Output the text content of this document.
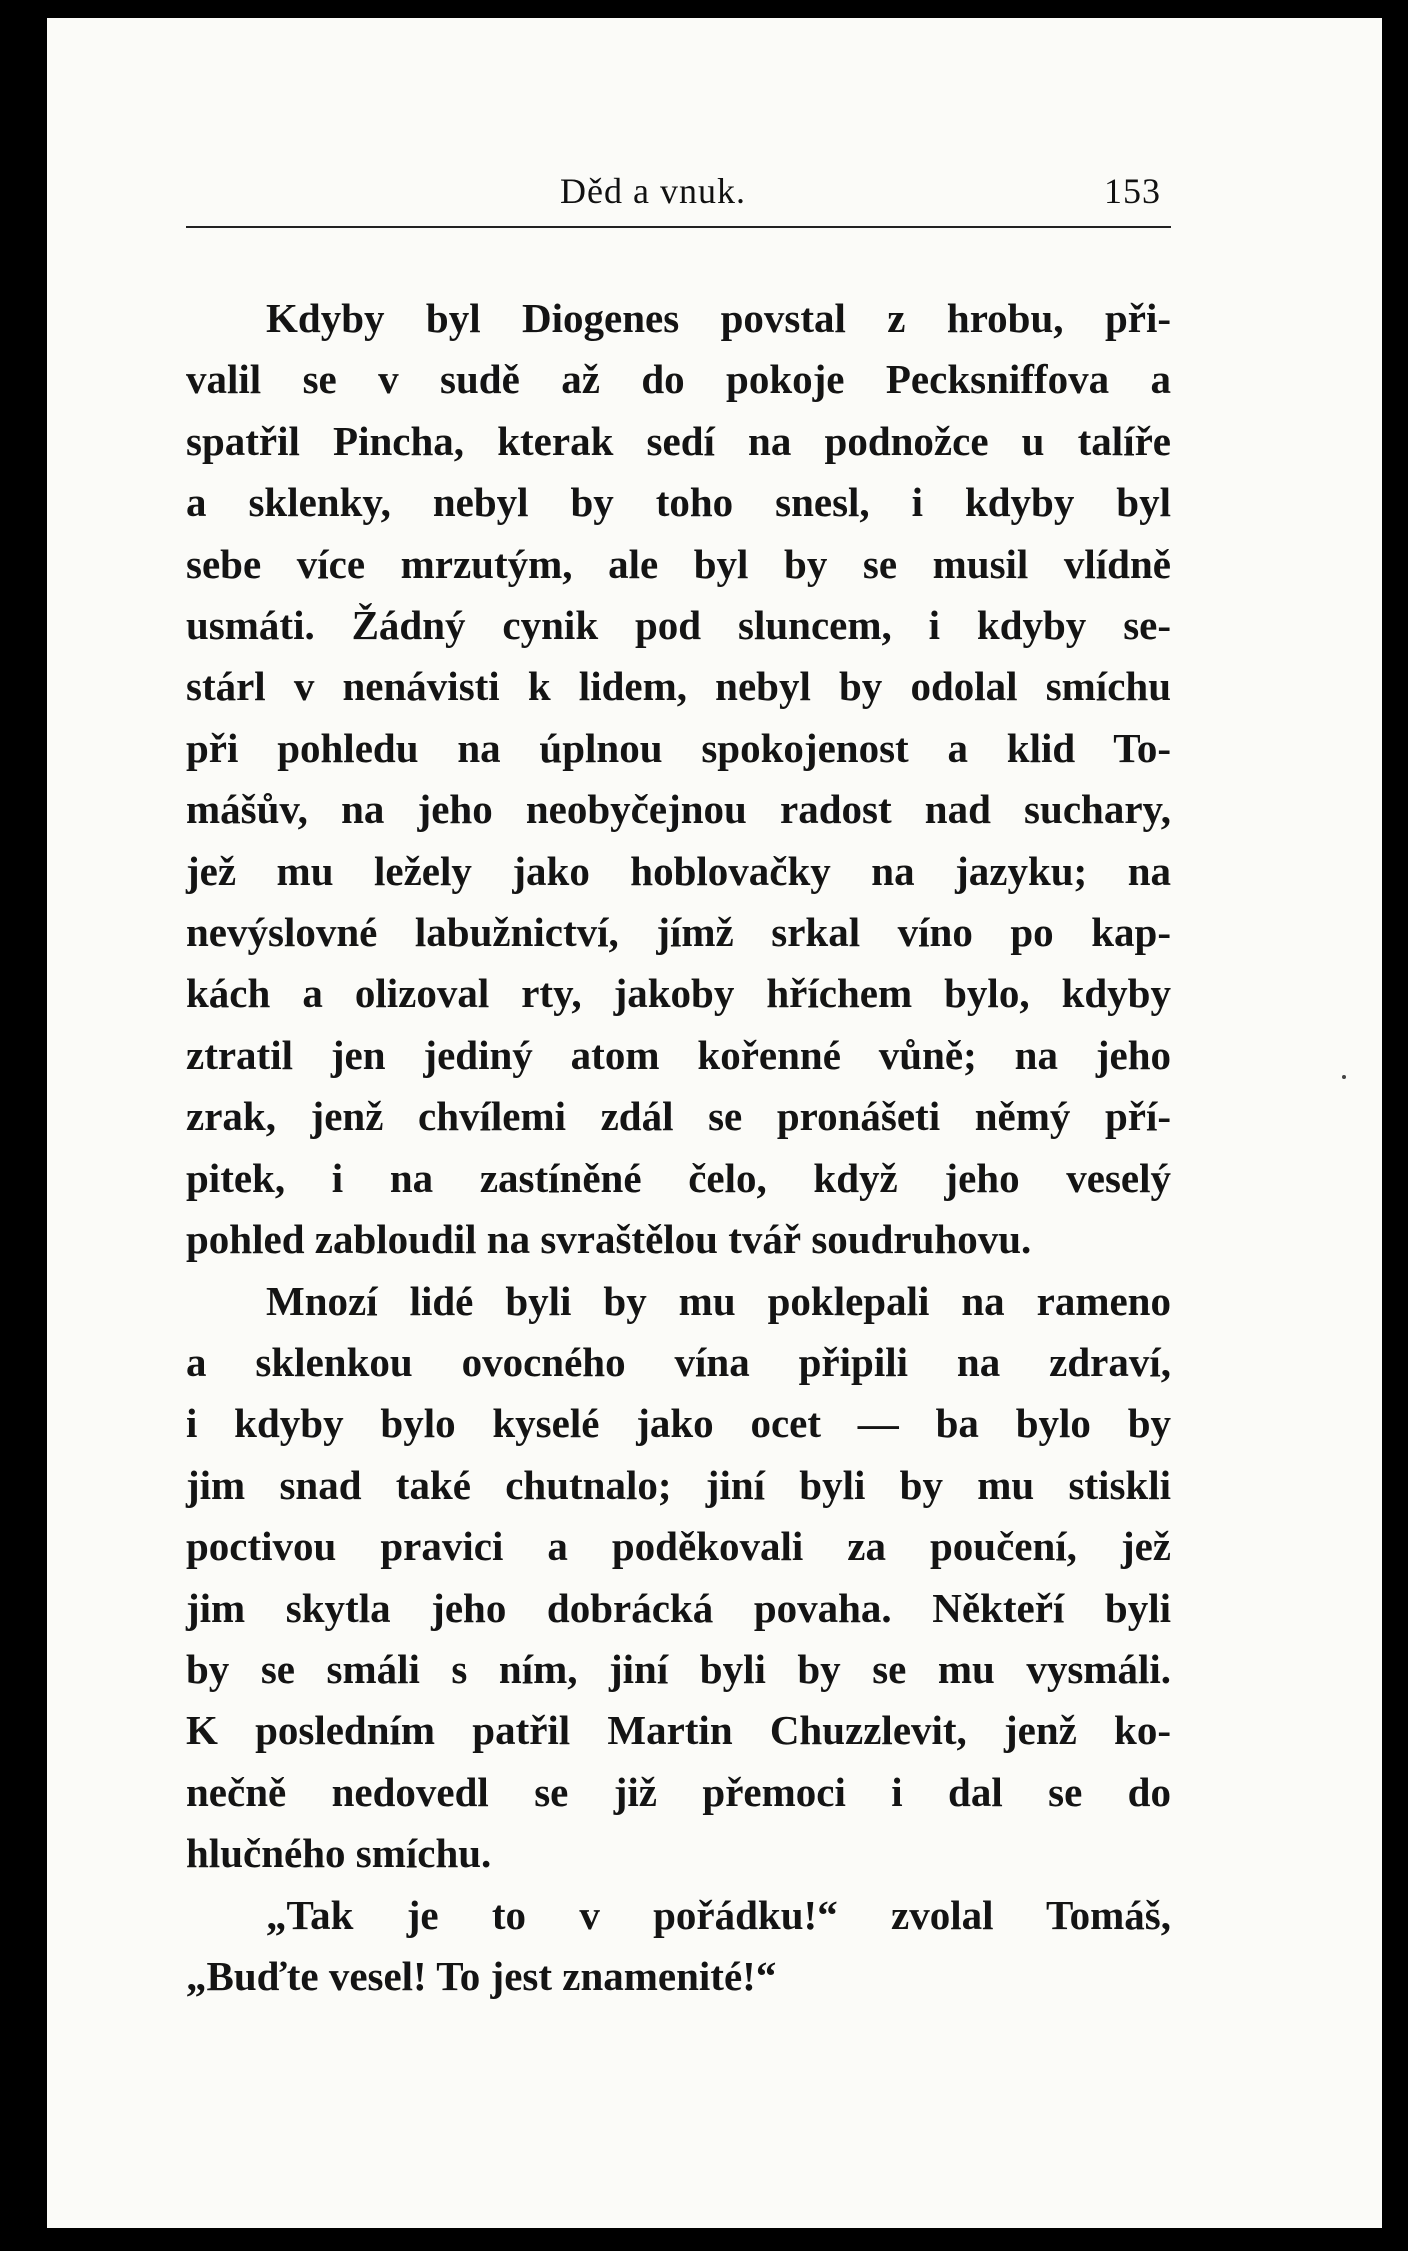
Děd a vnuk.	153
Kdyby byl Diogenes povstal z hrobu, při-
valil se v sudě až do pokoje Pecksniffova a
spatřil Pincha, kterak sedí na podnožce u talíře
a sklenky, nebyl by toho snesl, i kdyby byl
sebe více mrzutým, ale byl by se musil vlídně
usmáti. Žádný cynik pod sluncem, i kdyby se-
stárl v nenávisti k lidem, nebyl by odolal smíchu
při pohledu na úplnou spokojenost a klid To-
mášův, na jeho neobyčejnou radost nad suchary,
jež mu ležely jako hoblovačky na jazyku; na
nevýslovné labužnictví, jímž srkal víno po kap-
kách a olizoval rty, jakoby hříchem bylo, kdyby
ztratil jen jediný atom kořenné vůně; na jeho
zrak, jenž chvílemi zdál se pronášeti němý pří-
pitek, i na zastíněné čelo, když jeho veselý
pohled zabloudil na svraštělou tvář soudruhovu.
Mnozí lidé byli by mu poklepali na rameno
a sklenkou ovocného vína připili na zdraví,
i kdyby bylo kyselé jako ocet — ba bylo by
jim snad také chutnalo; jiní byli by mu stiskli
poctivou pravici a poděkovali za poučení, jež
jim skytla jeho dobrácká povaha. Někteří byli
by se smáli s ním, jiní byli by se mu vysmáli.
K posledním patřil Martin Chuzzlevit, jenž ko-
nečně nedovedl se již přemoci i dal se do
hlučného smíchu.
„Tak je to v pořádku!“ zvolal Tomáš,
„Buďte vesel! To jest znamenité!“
